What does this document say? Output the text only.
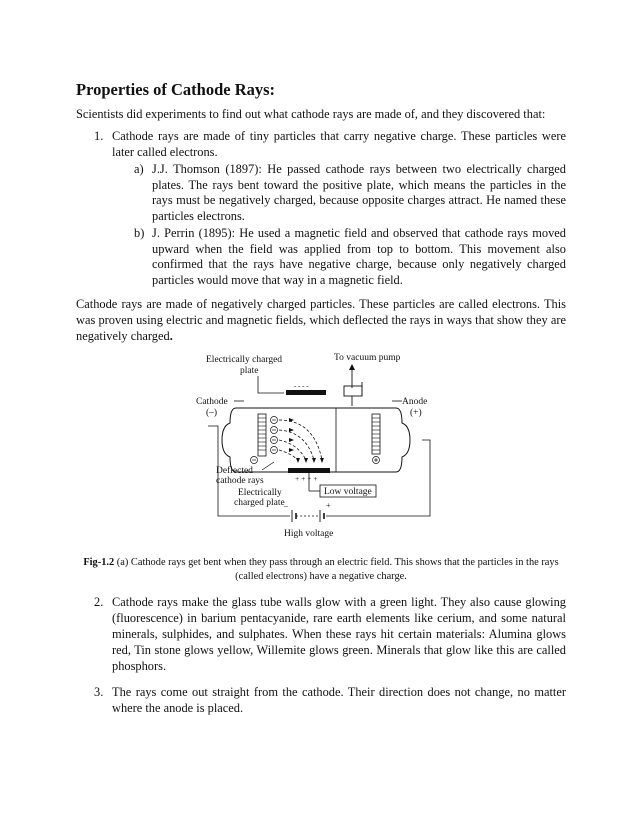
Properties of Cathode Rays:

Scientists did experiments to find out what cathode rays are made of, and they discovered that:

1. Cathode rays are made of tiny particles that carry negative charge. These particles were later called electrons.
a) J.J. Thomson (1897): He passed cathode rays between two electrically charged plates. The rays bent toward the positive plate, which means the particles in the rays must be negatively charged, because opposite charges attract. He named these particles electrons.
b) J. Perrin (1895): He used a magnetic field and observed that cathode rays moved upward when the field was applied from top to bottom. This movement also confirmed that the rays have negative charge, because only negatively charged particles would move that way in a magnetic field.

Cathode rays are made of negatively charged particles. These particles are called electrons. This was proven using electric and magnetic fields, which deflected the rays in ways that show they are negatively charged.

Electrically charged
plate
To vacuum pump
- - - -
Cathode
(–)
Anode
(+)
+ + + +
Deflected
cathode rays
Low voltage
Electrically
charged plate –	+
High voltage

Fig-1.2 (a) Cathode rays get bent when they pass through an electric field. This shows that the particles in the rays (called electrons) have a negative charge.

2. Cathode rays make the glass tube walls glow with a green light. They also cause glowing (fluorescence) in barium pentacyanide, rare earth elements like cerium, and some natural minerals, sulphides, and sulphates. When these rays hit certain materials: Alumina glows red, Tin stone glows yellow, Willemite glows green. Minerals that glow like this are called phosphors.
3. The rays come out straight from the cathode. Their direction does not change, no matter where the anode is placed.
